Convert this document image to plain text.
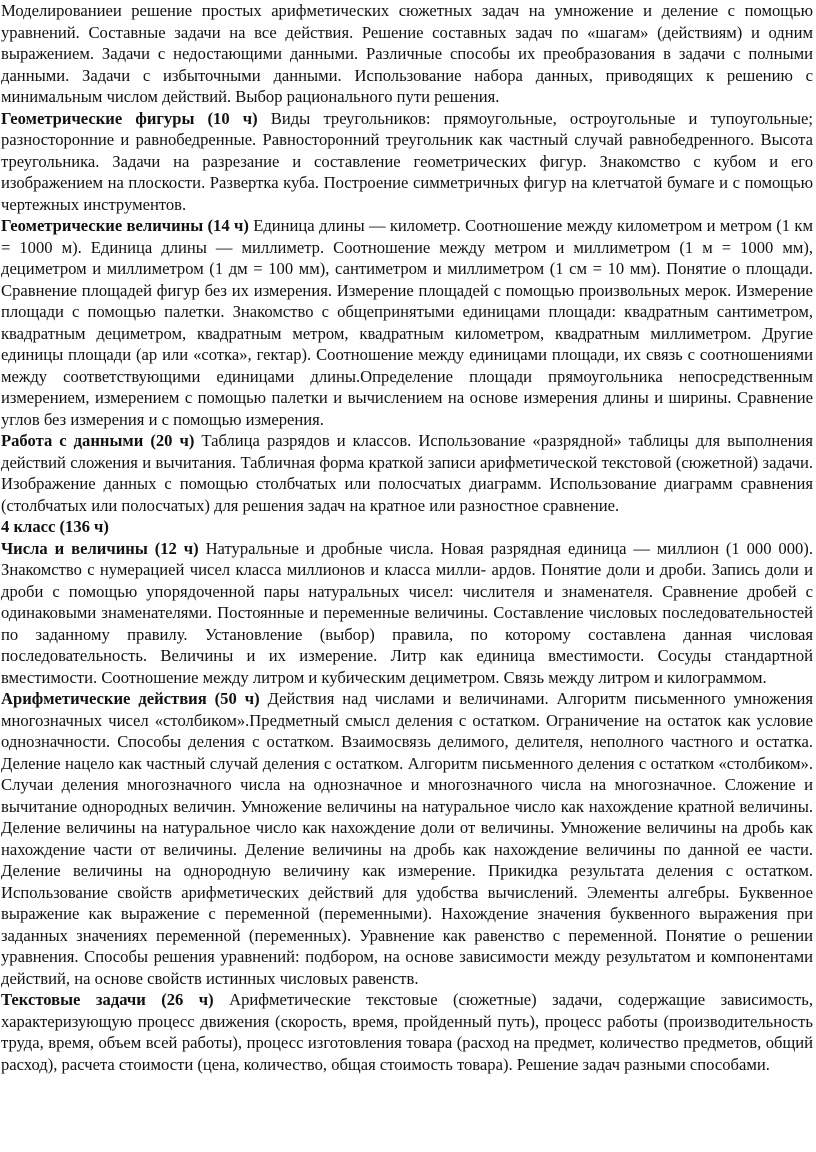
Моделированиеи решение простых арифметических сюжетных задач на умножение и деление с помощью уравнений. Составные задачи на все действия. Решение составных задач по «шагам» (действиям) и одним выражением. Задачи с недостающими данными. Различные способы их преобразования в задачи с полными данными. Задачи с избыточными данными. Использование набора данных, приводящих к решению с минимальным числом действий. Выбор рационального пути решения.

Геометрические фигуры (10 ч) Виды треугольников: прямоугольные, остроугольные и тупоугольные; разносторонние и равнобедренные. Равносторонний треугольник как частный случай равнобедренного. Высота треугольника. Задачи на разрезание и составление геометрических фигур. Знакомство с кубом и его изображением на плоскости. Развертка куба. Построение симметричных фигур на клетчатой бумаге и с помощью чертежных инструментов.

Геометрические величины (14 ч) Единица длины — километр. Соотношение между километром и метром (1 км = 1000 м). Единица длины — миллиметр. Соотношение между метром и миллиметром (1 м = 1000 мм), дециметром и миллиметром (1 дм = 100 мм), сантиметром и миллиметром (1 см = 10 мм). Понятие о площади. Сравнение площадей фигур без их измерения. Измерение площадей с помощью произвольных мерок. Измерение площади с помощью палетки. Знакомство с общепринятыми единицами площади: квадратным сантиметром, квадратным дециметром, квадратным метром, квадратным километром, квадратным миллиметром. Другие единицы площади (ар или «сотка», гектар). Соотношение между единицами площади, их связь с соотношениями между соответствующими единицами длины.Определение площади прямоугольника непосредственным измерением, измерением с помощью палетки и вычислением на основе измерения длины и ширины. Сравнение углов без измерения и с помощью измерения.

Работа с данными (20 ч) Таблица разрядов и классов. Использование «разрядной» таблицы для выполнения действий сложения и вычитания. Табличная форма краткой записи арифметической текстовой (сюжетной) задачи. Изображение данных с помощью столбчатых или полосчатых диаграмм. Использование диаграмм сравнения (столбчатых или полосчатых) для решения задач на кратное или разностное сравнение.

4 класс (136 ч)

Числа и величины (12 ч) Натуральные и дробные числа. Новая разрядная единица — миллион (1 000 000). Знакомство с нумерацией чисел класса миллионов и класса милли- ардов. Понятие доли и дроби. Запись доли и дроби с помощью упорядоченной пары натуральных чисел: числителя и знаменателя. Сравнение дробей с одинаковыми знаменателями. Постоянные и переменные величины. Составление числовых последовательностей по заданному правилу. Установление (выбор) правила, по которому составлена данная числовая последовательность. Величины и их измерение. Литр как единица вместимости. Сосуды стандартной вместимости. Соотношение между литром и кубическим дециметром. Связь между литром и килограммом.

Арифметические действия (50 ч) Действия над числами и величинами. Алгоритм письменного умножения многозначных чисел «столбиком».Предметный смысл деления с остатком. Ограничение на остаток как условие однозначности. Способы деления с остатком. Взаимосвязь делимого, делителя, неполного частного и остатка. Деление нацело как частный случай деления с остатком. Алгоритм письменного деления с остатком «столбиком». Случаи деления многозначного числа на однозначное и многозначного числа на многозначное. Сложение и вычитание однородных величин. Умножение величины на натуральное число как нахождение кратной величины. Деление величины на натуральное число как нахождение доли от величины. Умножение величины на дробь как нахождение части от величины. Деление величины на дробь как нахождение величины по данной ее части. Деление величины на однородную величину как измерение. Прикидка результата деления с остатком. Использование свойств арифметических действий для удобства вычислений. Элементы алгебры. Буквенное выражение как выражение с переменной (переменными). Нахождение значения буквенного выражения при заданных значениях переменной (переменных). Уравнение как равенство с переменной. Понятие о решении уравнения. Способы решения уравнений: подбором, на основе зависимости между результатом и компонентами действий, на основе свойств истинных числовых равенств.

Текстовые задачи (26 ч) Арифметические текстовые (сюжетные) задачи, содержащие зависимость, характеризующую процесс движения (скорость, время, пройденный путь), процесс работы (производительность труда, время, объем всей работы), процесс изготовления товара (расход на предмет, количество предметов, общий расход), расчета стоимости (цена, количество, общая стоимость товара). Решение задач разными способами.
